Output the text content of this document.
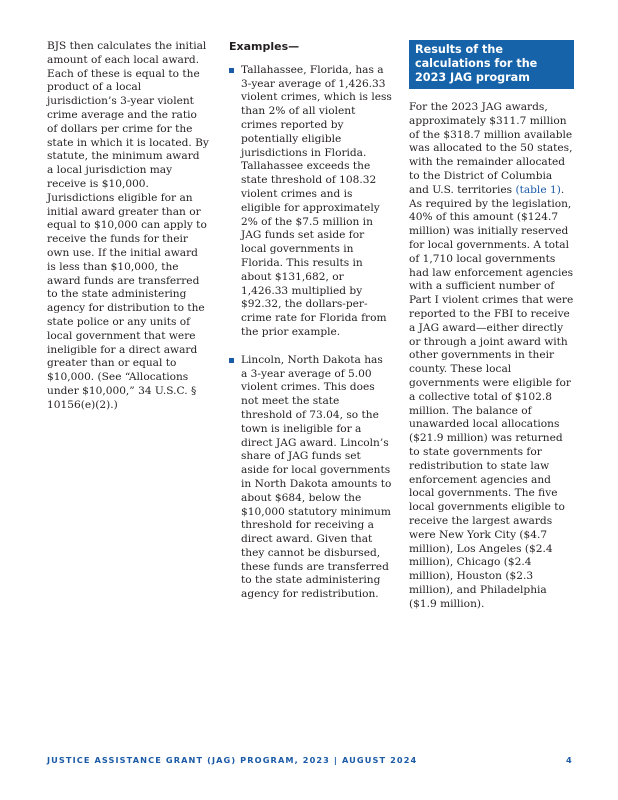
BJS then calculates the initial amount of each local award. Each of these is equal to the product of a local jurisdiction’s 3-year violent crime average and the ratio of dollars per crime for the state in which it is located. By statute, the minimum award a local jurisdiction may receive is $10,000. Jurisdictions eligible for an initial award greater than or equal to $10,000 can apply to receive the funds for their own use. If the initial award is less than $10,000, the award funds are transferred to the state administering agency for distribution to the state police or any units of local government that were ineligible for a direct award greater than or equal to $10,000. (See “Allocations under $10,000,” 34 U.S.C. § 10156(e)(2).)

Examples—
Tallahassee, Florida, has a 3-year average of 1,426.33 violent crimes, which is less than 2% of all violent crimes reported by potentially eligible jurisdictions in Florida. Tallahassee exceeds the state threshold of 108.32 violent crimes and is eligible for approximately 2% of the $7.5 million in JAG funds set aside for local governments in Florida. This results in about $131,682, or 1,426.33 multiplied by $92.32, the dollars-per-crime rate for Florida from the prior example.
Lincoln, North Dakota has a 3-year average of 5.00 violent crimes. This does not meet the state threshold of 73.04, so the town is ineligible for a direct JAG award. Lincoln’s share of JAG funds set aside for local governments in North Dakota amounts to about $684, below the $10,000 statutory minimum threshold for receiving a direct award. Given that they cannot be disbursed, these funds are transferred to the state administering agency for redistribution.
Results of the calculations for the 2023 JAG program

For the 2023 JAG awards, approximately $311.7 million of the $318.7 million available was allocated to the 50 states, with the remainder allocated to the District of Columbia and U.S. territories (table 1). As required by the legislation, 40% of this amount ($124.7 million) was initially reserved for local governments. A total of 1,710 local governments had law enforcement agencies with a sufficient number of Part I violent crimes that were reported to the FBI to receive a JAG award—either directly or through a joint award with other governments in their county. These local governments were eligible for a collective total of $102.8 million. The balance of unawarded local allocations ($21.9 million) was returned to state governments for redistribution to state law enforcement agencies and local governments. The five local governments eligible to receive the largest awards were New York City ($4.7 million), Los Angeles ($2.4 million), Chicago ($2.4 million), Houston ($2.3 million), and Philadelphia ($1.9 million).

JUSTICE ASSISTANCE GRANT (JAG) PROGRAM, 2023 | AUGUST 2024	4
